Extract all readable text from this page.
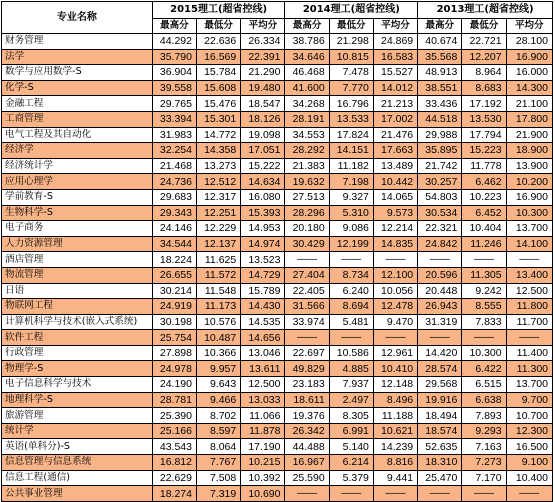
专业名称	2015理工(超省控线)			2014理工(超省控线)			2013理工(超省控线)		
	最高分	最低分	平均分	最高分	最低分	平均分	最高分	最低分	平均分
财务管理	44.292	22.636	26.334	38.786	21.298	24.869	40.674	22.721	28.100
法学	35.790	16.569	22.391	34.646	10.815	16.583	35.568	12.207	16.900
数学与应用数学-S	36.904	15.784	21.290	46.468	7.478	15.527	48.913	8.964	16.000
化学-S	39.558	15.608	19.480	41.600	7.770	14.012	38.551	8.683	14.300
金融工程	29.765	15.476	18.547	34.268	16.796	21.213	33.436	17.192	21.100
工商管理	33.394	15.301	18.126	28.191	13.533	17.002	44.518	13.530	17.800
电气工程及其自动化	31.983	14.772	19.098	34.553	17.824	21.476	29.988	17.794	21.900
经济学	32.254	14.358	17.051	28.292	14.151	17.663	35.895	15.223	18.900
经济统计学	21.468	13.273	15.222	21.383	11.182	13.489	21.742	11.778	13.900
应用心理学	24.736	12.512	14.634	19.632	7.198	10.442	30.257	6.462	10.200
学前教育-S	29.683	12.317	16.080	27.513	9.327	14.065	54.803	10.223	16.900
生物科学-S	29.343	12.251	15.393	28.296	5.310	9.573	30.534	6.452	10.300
电子商务	24.146	12.229	14.953	20.180	9.086	12.214	22.321	10.404	13.700
人力资源管理	34.544	12.137	14.974	30.429	12.199	14.835	24.842	11.246	14.100
酒店管理	18.224	11.625	13.523	——	——	——	——	——	——
物流管理	26.655	11.572	14.729	27.404	8.734	12.100	20.596	11.305	13.400
日语	30.214	11.548	15.789	22.405	6.240	10.056	20.448	9.242	12.500
物联网工程	24.919	11.173	14.430	31.566	8.694	12.478	26.943	8.555	11.800
计算机科学与技术(嵌入式系统)	30.198	10.576	14.535	33.974	5.481	9.470	31.319	7.833	11.700
软件工程	25.754	10.487	14.656	——	——	——	——	——	——
行政管理	27.898	10.366	13.046	22.697	10.586	12.961	14.420	10.300	11.400
物理学-S	24.978	9.957	13.611	49.829	4.885	10.410	28.574	6.422	11.300
电子信息科学与技术	24.190	9.643	12.500	23.183	7.937	12.148	29.568	6.515	13.700
地理科学-S	28.781	9.466	13.033	18.611	2.497	8.496	19.916	6.638	9.700
旅游管理	25.390	8.702	11.066	19.376	8.305	11.188	18.494	7.893	10.700
统计学	25.166	8.597	11.878	26.342	6.991	10.621	18.574	9.293	12.300
英语(单科分)-S	43.543	8.064	17.190	44.488	5.140	14.239	52.635	7.163	16.500
信息管理与信息系统	16.812	7.767	10.215	16.967	6.214	8.816	18.310	7.273	9.100
信息工程(通信)	22.629	7.508	10.392	25.590	5.379	9.441	25.470	7.170	10.400
公共事业管理	18.274	7.319	10.690	——	——	——	——	——	——
